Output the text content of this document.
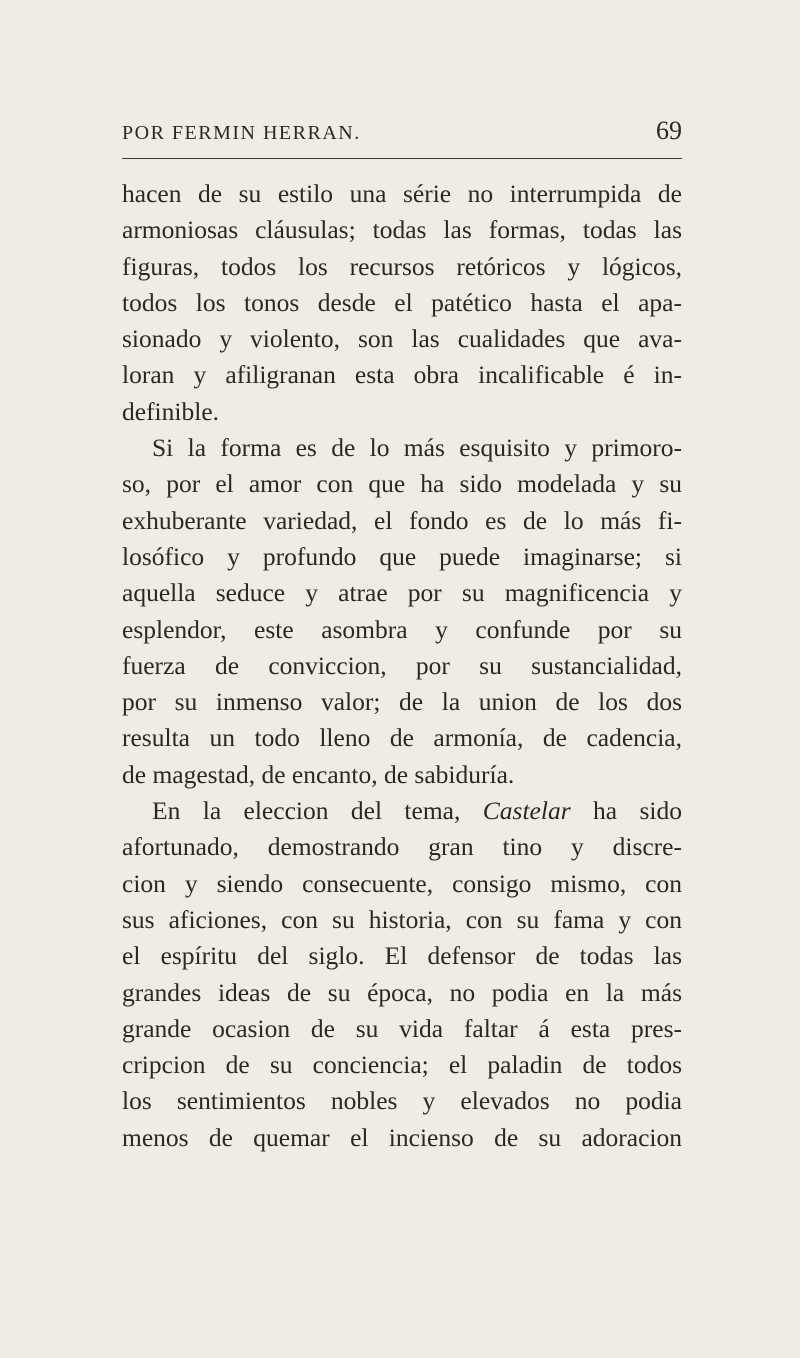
POR FERMIN HERRAN.	69
hacen de su estilo una série no interrumpida de
armoniosas cláusulas; todas las formas, todas las
figuras, todos los recursos retóricos y lógicos,
todos los tonos desde el patético hasta el apa-
sionado y violento, son las cualidades que ava-
loran y afiligranan esta obra incalificable é in-
definible.
Si la forma es de lo más esquisito y primoro-
so, por el amor con que ha sido modelada y su
exhuberante variedad, el fondo es de lo más fi-
losófico y profundo que puede imaginarse; si
aquella seduce y atrae por su magnificencia y
esplendor, este asombra y confunde por su
fuerza de conviccion, por su sustancialidad,
por su inmenso valor; de la union de los dos
resulta un todo lleno de armonía, de cadencia,
de magestad, de encanto, de sabiduría.
En la eleccion del tema, Castelar ha sido
afortunado, demostrando gran tino y discre-
cion y siendo consecuente, consigo mismo, con
sus aficiones, con su historia, con su fama y con
el espíritu del siglo. El defensor de todas las
grandes ideas de su época, no podia en la más
grande ocasion de su vida faltar á esta pres-
cripcion de su conciencia; el paladin de todos
los sentimientos nobles y elevados no podia
menos de quemar el incienso de su adoracion
